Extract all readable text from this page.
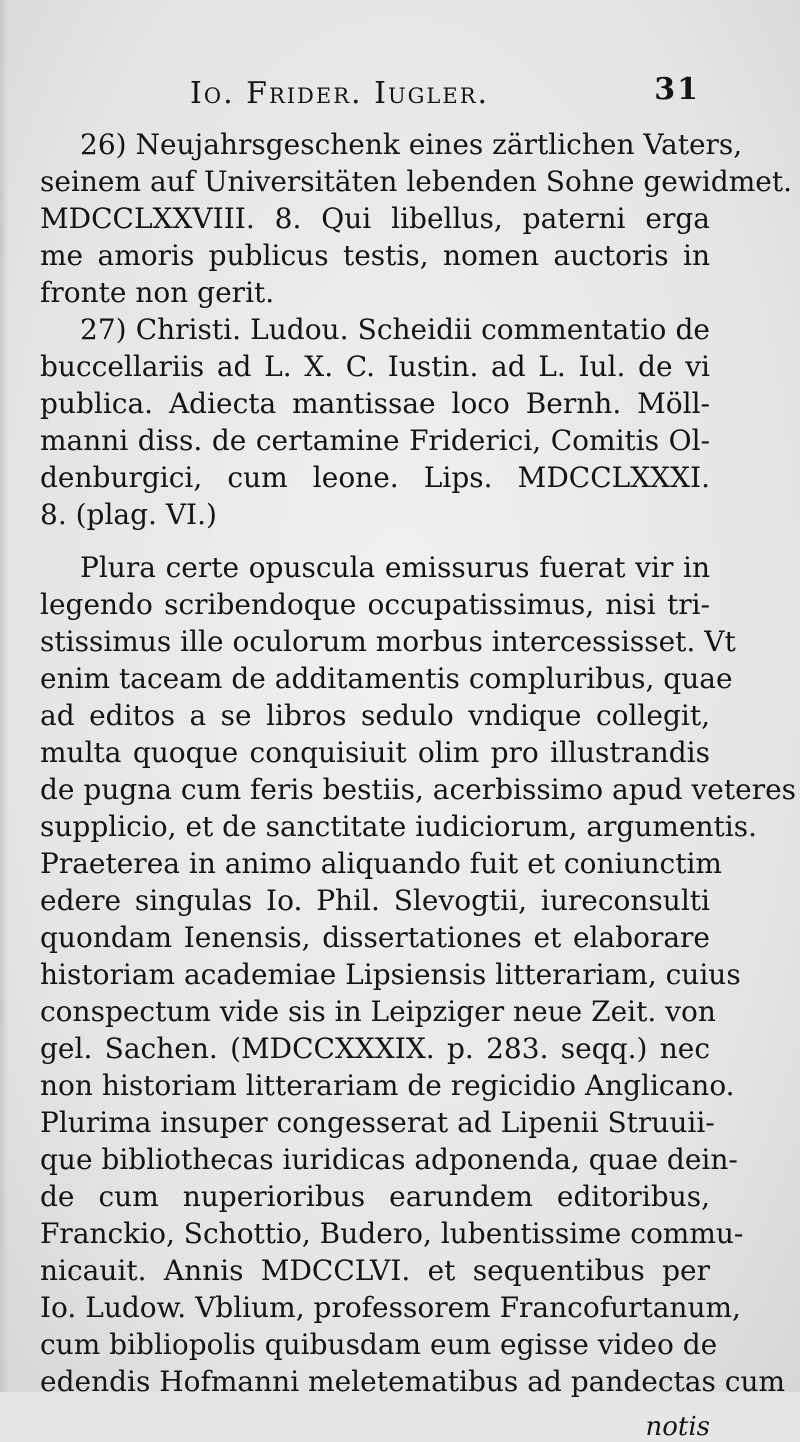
Io. Frider. Iugler.	31
26) Neujahrsgeschenk eines zärtlichen Vaters,
seinem auf Universitäten lebenden Sohne gewidmet.
MDCCLXXVIII. 8. Qui libellus, paterni erga
me amoris publicus testis, nomen auctoris in
fronte non gerit.
27) Christi. Ludou. Scheidii commentatio de
buccellariis ad L. X. C. Iustin. ad L. Iul. de vi
publica. Adiecta mantissae loco Bernh. Möll-
manni diss. de certamine Friderici, Comitis Ol-
denburgici, cum leone. Lips. MDCCLXXXI.
8. (plag. VI.)
Plura certe opuscula emissurus fuerat vir in
legendo scribendoque occupatissimus, nisi tri-
stissimus ille oculorum morbus intercessisset. Vt
enim taceam de additamentis compluribus, quae
ad editos a se libros sedulo vndique collegit,
multa quoque conquisiuit olim pro illustrandis
de pugna cum feris bestiis, acerbissimo apud veteres
supplicio, et de sanctitate iudiciorum, argumentis.
Praeterea in animo aliquando fuit et coniunctim
edere singulas Io. Phil. Slevogtii, iureconsulti
quondam Ienensis, dissertationes et elaborare
historiam academiae Lipsiensis litterariam, cuius
conspectum vide sis in Leipziger neue Zeit. von
gel. Sachen. (MDCCXXXIX. p. 283. seqq.) nec
non historiam litterariam de regicidio Anglicano.
Plurima insuper congesserat ad Lipenii Struuii-
que bibliothecas iuridicas adponenda, quae dein-
de cum nuperioribus earundem editoribus,
Franckio, Schottio, Budero, lubentissime commu-
nicauit. Annis MDCCLVI. et sequentibus per
Io. Ludow. Vblium, professorem Francofurtanum,
cum bibliopolis quibusdam eum egisse video de
edendis Hofmanni meletematibus ad pandectas cum
notis
